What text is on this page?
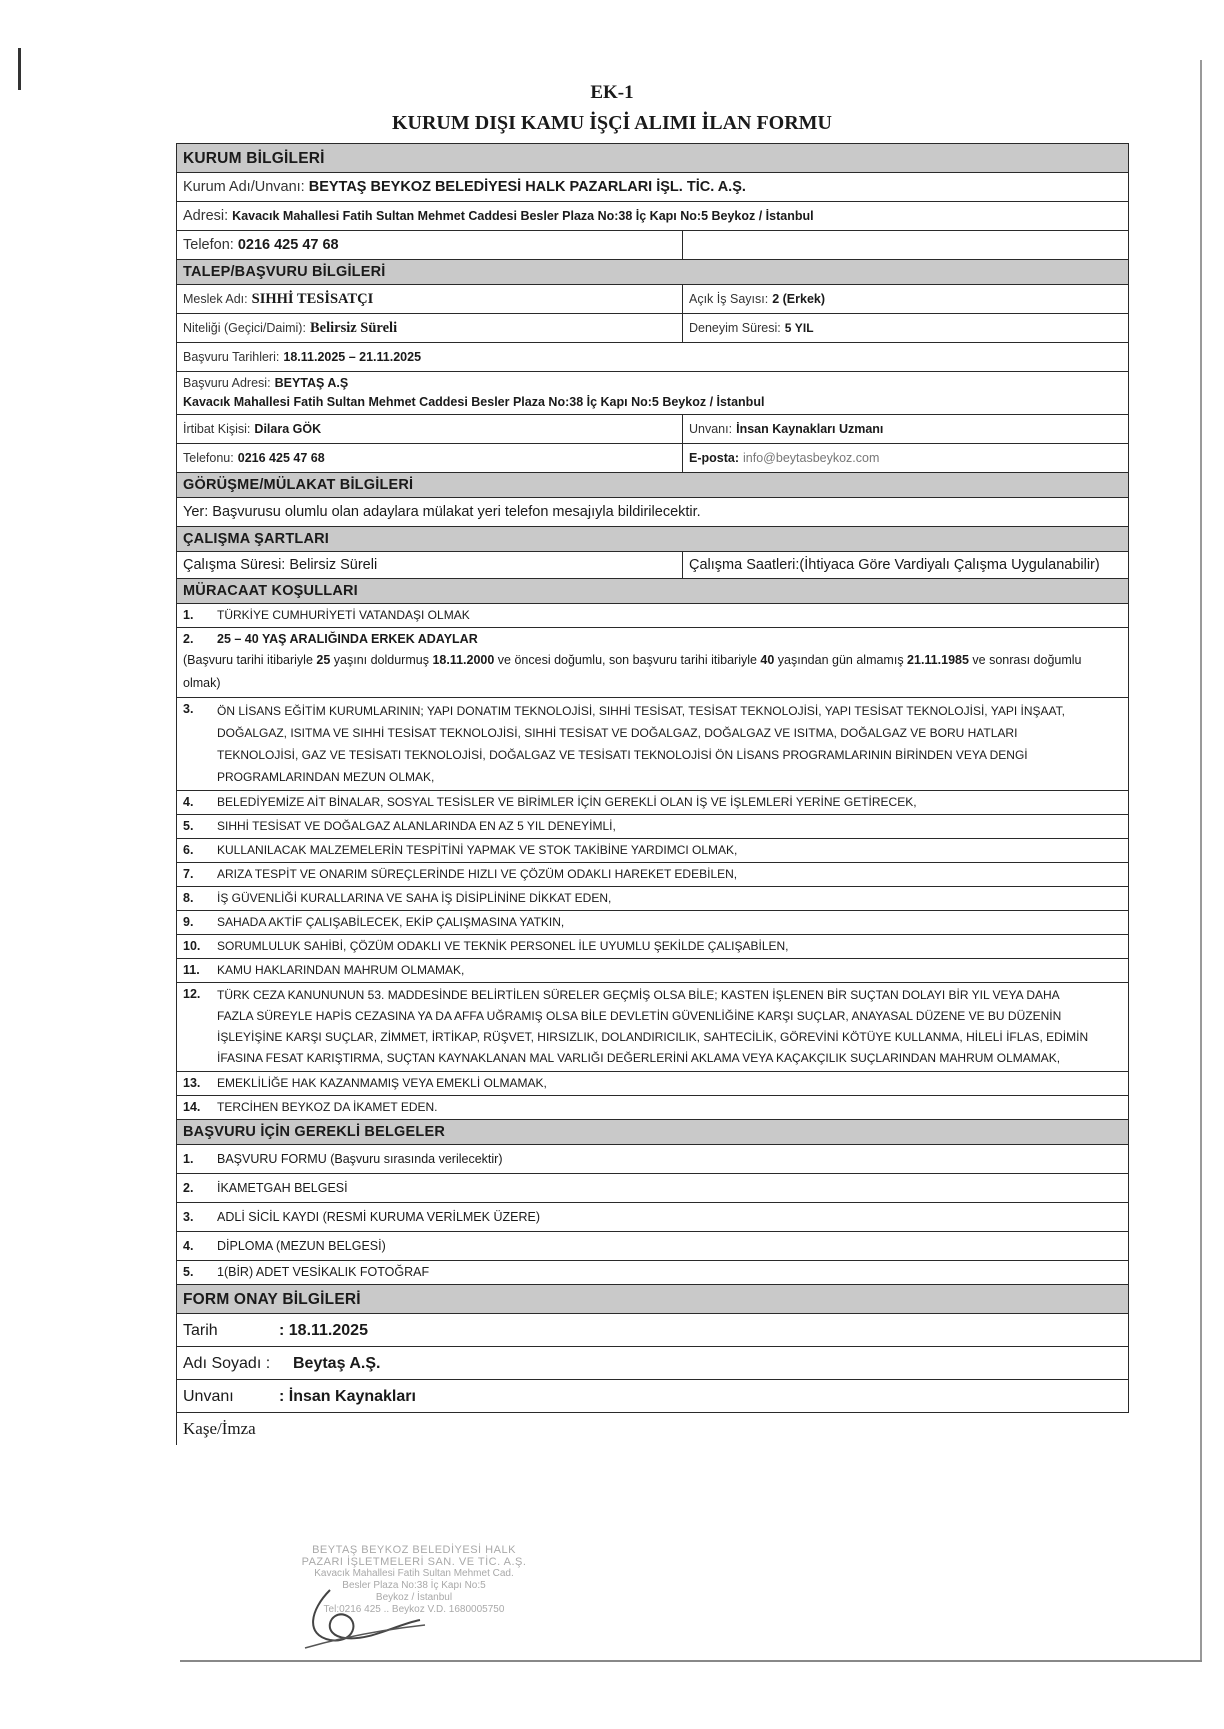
EK-1
KURUM DIŞI KAMU İŞÇİ ALIMI İLAN FORMU
KURUM BİLGİLERİ	
Kurum Adı/Unvanı: BEYTAŞ BEYKOZ BELEDİYESİ HALK PAZARLARI İŞL. TİC. A.Ş.	
Adresi: Kavacık Mahallesi Fatih Sultan Mehmet Caddesi Besler Plaza No:38 İç Kapı No:5 Beykoz / İstanbul	
Telefon: 0216 425 47 68	
TALEP/BAŞVURU BİLGİLERİ	
Meslek Adı: SIHHİ TESİSATÇI	Açık İş Sayısı: 2 (Erkek)
Niteliği (Geçici/Daimi): Belirsiz Süreli	Deneyim Süresi: 5 YIL
Başvuru Tarihleri: 18.11.2025 – 21.11.2025	

Başvuru Adresi: BEYTAŞ A.Ş
Kavacık Mahallesi Fatih Sultan Mehmet Caddesi Besler Plaza No:38 İç Kapı No:5 Beykoz / İstanbul	

İrtibat Kişisi: Dilara GÖK	Unvanı: İnsan Kaynakları Uzmanı
Telefonu: 0216 425 47 68	E-posta: info@beytasbeykoz.com
GÖRÜŞME/MÜLAKAT BİLGİLERİ	
Yer: Başvurusu olumlu olan adaylara mülakat yeri telefon mesajıyla bildirilecektir.	
ÇALIŞMA ŞARTLARI	
Çalışma Süresi: Belirsiz Süreli	Çalışma Saatleri:(İhtiyaca Göre Vardiyalı Çalışma Uygulanabilir)
MÜRACAAT KOŞULLARI	
1. TÜRKİYE CUMHURİYETİ VATANDAŞI OLMAK	

2. 25 – 40 YAŞ ARALIĞINDA ERKEK ADAYLAR
(Başvuru tarihi itibariyle 25 yaşını doldurmuş 18.11.2000 ve öncesi doğumlu, son başvuru tarihi itibariyle 40 yaşından gün almamış 21.11.1985 ve sonrası doğumlu olmak)	

3. ÖN LİSANS EĞİTİM KURUMLARININ; YAPI DONATIM TEKNOLOJİSİ, SIHHİ TESİSAT, TESİSAT TEKNOLOJİSİ, YAPI TESİSAT TEKNOLOJİSİ, YAPI İNŞAAT, DOĞALGAZ, ISITMA VE SIHHİ TESİSAT TEKNOLOJİSİ, SIHHİ TESİSAT VE DOĞALGAZ, DOĞALGAZ VE ISITMA, DOĞALGAZ VE BORU HATLARI TEKNOLOJİSİ, GAZ VE TESİSATI TEKNOLOJİSİ, DOĞALGAZ VE TESİSATI TEKNOLOJİSİ ÖN LİSANS PROGRAMLARININ BİRİNDEN VEYA DENGİ PROGRAMLARINDAN MEZUN OLMAK,	
4. BELEDİYEMİZE AİT BİNALAR, SOSYAL TESİSLER VE BİRİMLER İÇİN GEREKLİ OLAN İŞ VE İŞLEMLERİ YERİNE GETİRECEK,	
5. SIHHİ TESİSAT VE DOĞALGAZ ALANLARINDA EN AZ 5 YIL DENEYİMLİ,	
6. KULLANILACAK MALZEMELERİN TESPİTİNİ YAPMAK VE STOK TAKİBİNE YARDIMCI OLMAK,	
7. ARIZA TESPİT VE ONARIM SÜREÇLERİNDE HIZLI VE ÇÖZÜM ODAKLI HAREKET EDEBİLEN,	
8. İŞ GÜVENLİĞİ KURALLARINA VE SAHA İŞ DİSİPLİNİNE DİKKAT EDEN,	
9. SAHADA AKTİF ÇALIŞABİLECEK, EKİP ÇALIŞMASINA YATKIN,	
10. SORUMLULUK SAHİBİ, ÇÖZÜM ODAKLI VE TEKNİK PERSONEL İLE UYUMLU ŞEKİLDE ÇALIŞABİLEN,	
11. KAMU HAKLARINDAN MAHRUM OLMAMAK,	
12. TÜRK CEZA KANUNUNUN 53. MADDESİNDE BELİRTİLEN SÜRELER GEÇMİŞ OLSA BİLE; KASTEN İŞLENEN BİR SUÇTAN DOLAYI BİR YIL VEYA DAHA FAZLA SÜREYLE HAPİS CEZASINA YA DA AFFA UĞRAMIŞ OLSA BİLE DEVLETİN GÜVENLİĞİNE KARŞI SUÇLAR, ANAYASAL DÜZENE VE BU DÜZENİN İŞLEYİŞİNE KARŞI SUÇLAR, ZİMMET, İRTİKAP, RÜŞVET, HIRSIZLIK, DOLANDIRICILIK, SAHTECİLİK, GÖREVİNİ KÖTÜYE KULLANMA, HİLELİ İFLAS, EDİMİN İFASINA FESAT KARIŞTIRMA, SUÇTAN KAYNAKLANAN MAL VARLIĞI DEĞERLERİNİ AKLAMA VEYA KAÇAKÇILIK SUÇLARINDAN MAHRUM OLMAMAK,	
13. EMEKLİLİĞE HAK KAZANMAMIŞ VEYA EMEKLİ OLMAMAK,	
14. TERCİHEN BEYKOZ DA İKAMET EDEN.	
BAŞVURU İÇİN GEREKLİ BELGELER	
1. BAŞVURU FORMU (Başvuru sırasında verilecektir)	
2. İKAMETGAH BELGESİ	
3. ADLİ SİCİL KAYDI (RESMİ KURUMA VERİLMEK ÜZERE)	
4. DİPLOMA (MEZUN BELGESİ)	
5. 1(BİR) ADET VESİKALIK FOTOĞRAF	
FORM ONAY BİLGİLERİ	
Tarih : 18.11.2025	
Adı Soyadı : Beytaş A.Ş.	
Unvanı : İnsan Kaynakları	
Kaşe/İmza	
BEYTAŞ BEYKOZ BELEDİYESİ HALK
PAZARI İŞLETMELERİ SAN. VE TİC. A.Ş.
Kavacık Mahallesi Fatih Sultan Mehmet Cad.
Besler Plaza No:38 İç Kapı No:5
Beykoz / İstanbul
Tel:0216 425 .. Beykoz V.D. 1680005750
